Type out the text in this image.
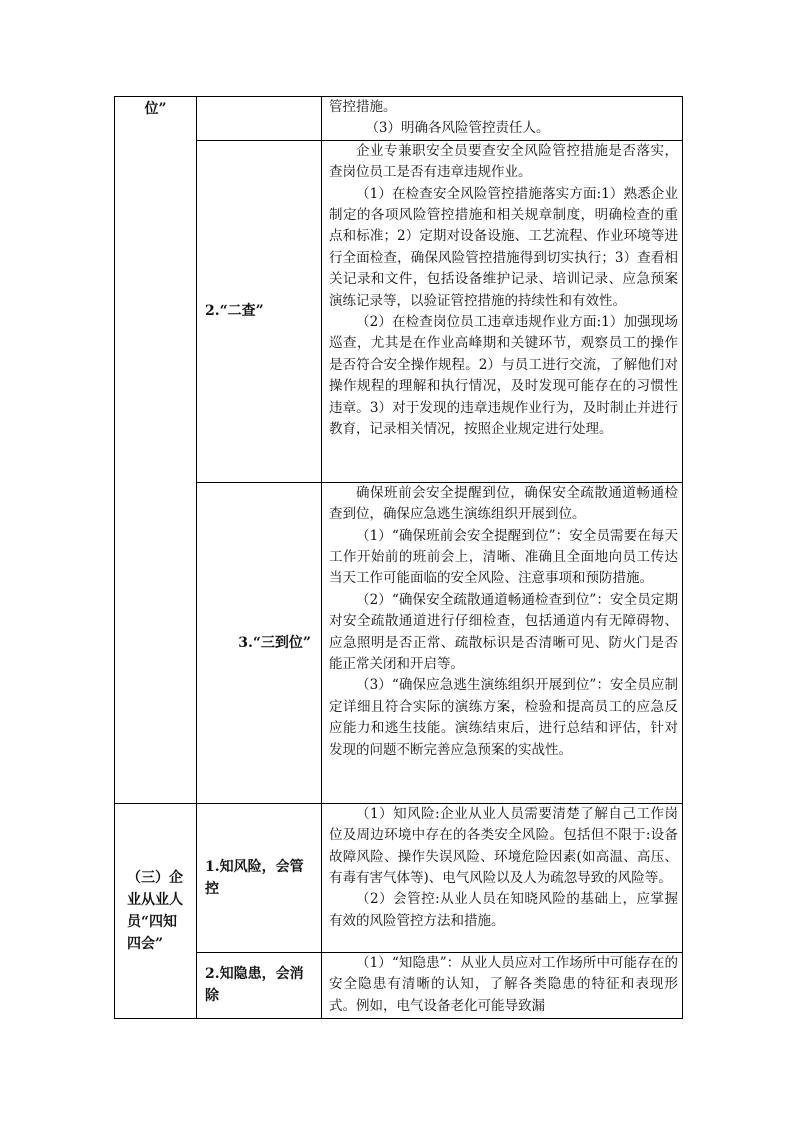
位”		管控措施。

（3）明确各风险管控责任人。

	2.“二查”	企业专兼职安全员要查安全风险管控措施是否落实，查岗位员工是否有违章违规作业。

（1）在检查安全风险管控措施落实方面:1）熟悉企业制定的各项风险管控措施和相关规章制度，明确检查的重点和标准；2）定期对设备设施、工艺流程、作业环境等进行全面检查，确保风险管控措施得到切实执行；3）查看相关记录和文件，包括设备维护记录、培训记录、应急预案演练记录等，以验证管控措施的持续性和有效性。

（2）在检查岗位员工违章违规作业方面:1）加强现场巡查，尤其是在作业高峰期和关键环节，观察员工的操作是否符合安全操作规程。2）与员工进行交流，了解他们对操作规程的理解和执行情况，及时发现可能存在的习惯性违章。3）对于发现的违章违规作业行为，及时制止并进行教育，记录相关情况，按照企业规定进行处理。

	3.“三到位”	确保班前会安全提醒到位，确保安全疏散通道畅通检查到位，确保应急逃生演练组织开展到位。

（1）“确保班前会安全提醒到位”：安全员需要在每天工作开始前的班前会上，清晰、准确且全面地向员工传达当天工作可能面临的安全风险、注意事项和预防措施。

（2）“确保安全疏散通道畅通检查到位”：安全员定期对安全疏散通道进行仔细检查，包括通道内有无障碍物、应急照明是否正常、疏散标识是否清晰可见、防火门是否能正常关闭和开启等。

（3）“确保应急逃生演练组织开展到位”：安全员应制定详细且符合实际的演练方案，检验和提高员工的应急反应能力和逃生技能。演练结束后，进行总结和评估，针对发现的问题不断完善应急预案的实战性。

（三）企业从业人员“四知四会”	1.知风险，会管控	（1）知风险:企业从业人员需要清楚了解自己工作岗位及周边环境中存在的各类安全风险。包括但不限于:设备故障风险、操作失误风险、环境危险因素(如高温、高压、有毒有害气体等)、电气风险以及人为疏忽导致的风险等。

（2）会管控:从业人员在知晓风险的基础上，应掌握有效的风险管控方法和措施。

	2.知隐患，会消除	（1）“知隐患”：从业人员应对工作场所中可能存在的安全隐患有清晰的认知，了解各类隐患的特征和表现形式。例如，电气设备老化可能导致漏
